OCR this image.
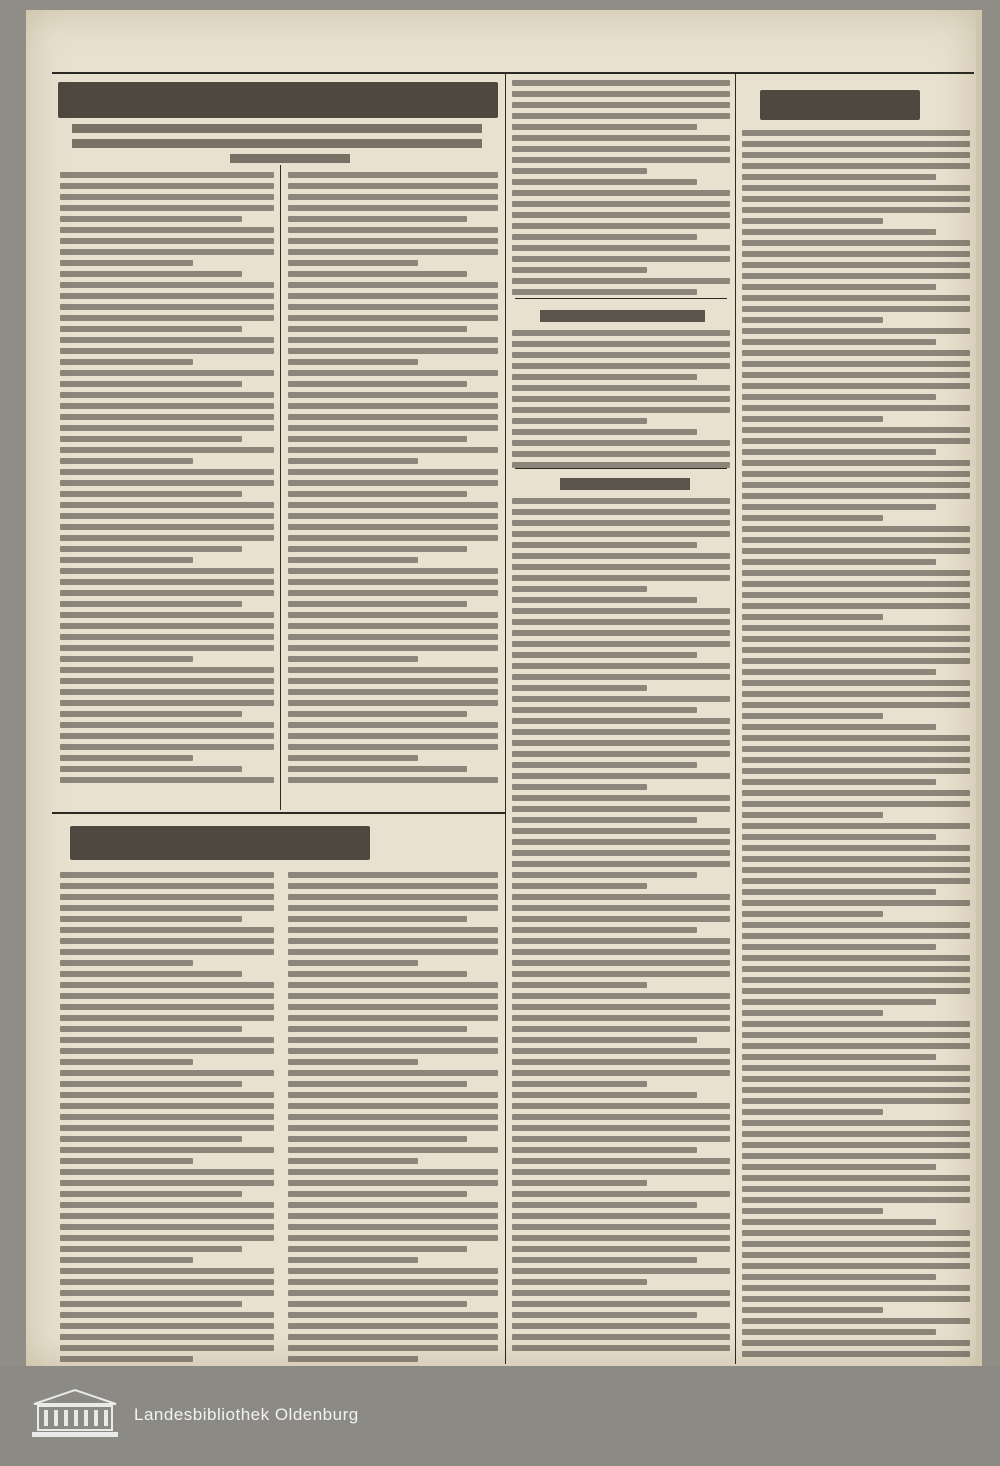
Landesbibliothek Oldenburg
